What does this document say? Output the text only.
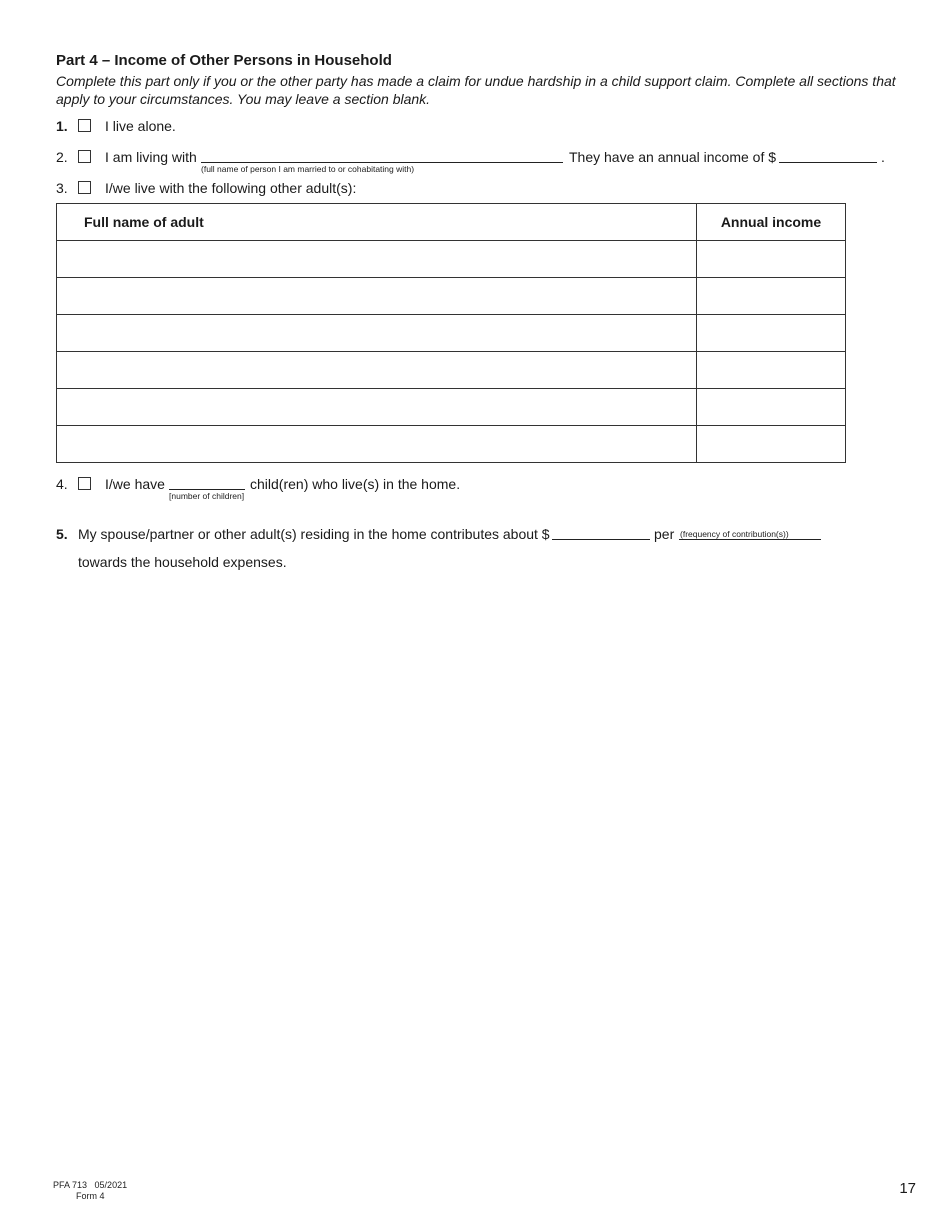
Part 4 – Income of Other Persons in Household
Complete this part only if you or the other party has made a claim for undue hardship in a child support claim. Complete all sections that apply to your circumstances. You may leave a section blank.
1.	I live alone.
2.	I am living with
(full name of person I am married to or cohabitating with)
They have an annual income of $	.
3.	I/we live with the following other adult(s):
Full name of adult	Annual income

4.	I/we have
[number of children]
child(ren) who live(s) in the home.
5. My spouse/partner or other adult(s) residing in the home contributes about $	per (frequency of contribution(s))
towards the household expenses.
PFA 713 05/2021
Form 4	17
